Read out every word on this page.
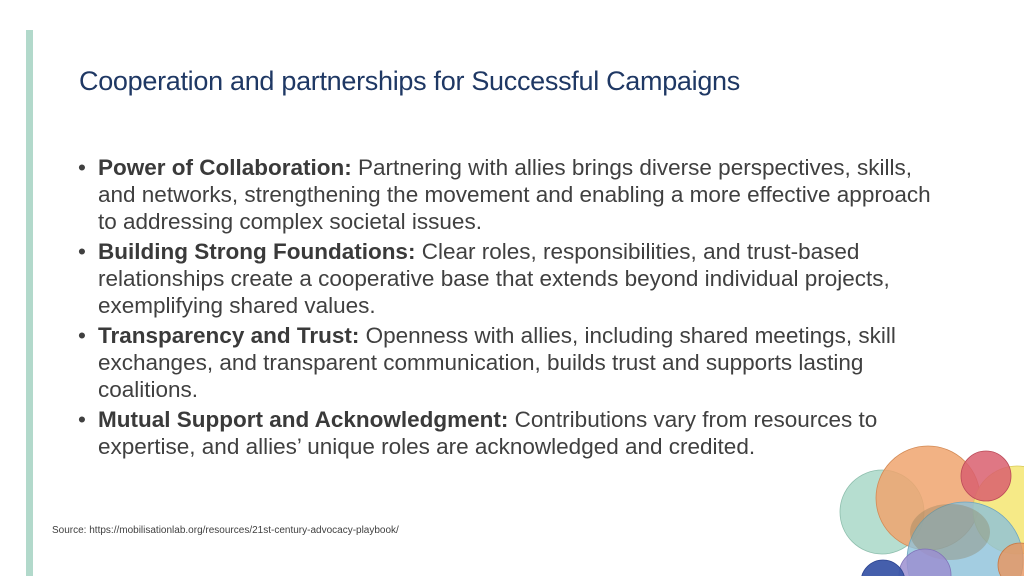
Cooperation and partnerships for Successful Campaigns
• Power of Collaboration: Partnering with allies brings diverse perspectives, skills, and networks, strengthening the movement and enabling a more effective approach to addressing complex societal issues.
• Building Strong Foundations: Clear roles, responsibilities, and trust-based relationships create a cooperative base that extends beyond individual projects, exemplifying shared values.
• Transparency and Trust: Openness with allies, including shared meetings, skill exchanges, and transparent communication, builds trust and supports lasting coalitions.
• Mutual Support and Acknowledgment: Contributions vary from resources to expertise, and allies’ unique roles are acknowledged and credited.
Source: https://mobilisationlab.org/resources/21st-century-advocacy-playbook/
